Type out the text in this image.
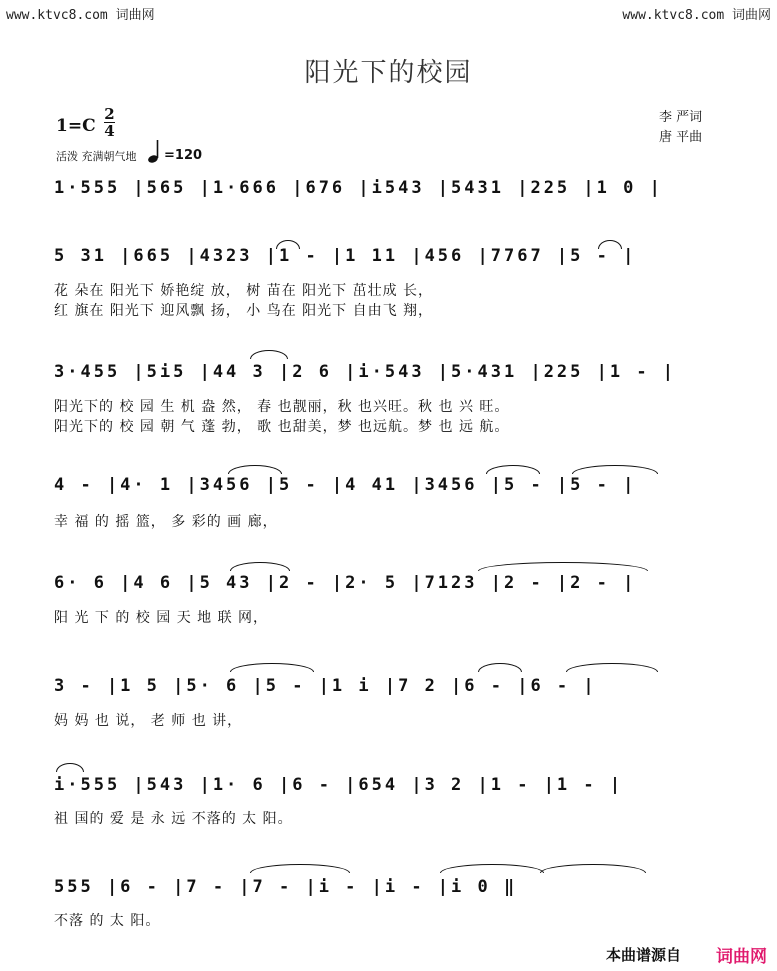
www.ktvc8.com 词曲网	www.ktvc8.com 词曲网
阳光下的校园
1=C
2
4
活泼 充满朝气地 =120
李 严词
唐 平曲
1·555 |565 |1·666 |676 |i543 |5431 |225 |1 0 |
5 31 |665 |4323 |1 - |1 11 |456 |7767 |5 - |
花 朵在 阳光下 娇艳绽 放， 树 苗在 阳光下 茁壮成 长，
红 旗在 阳光下 迎风飘 扬， 小 鸟在 阳光下 自由飞 翔，
3·455 |5i5 |44 3 |2 6 |i·543 |5·431 |225 |1 - |
阳光下的 校 园 生 机 盎 然， 春 也靓丽，秋 也兴旺。秋 也 兴 旺。
阳光下的 校 园 朝 气 蓬 勃， 歌 也甜美，梦 也远航。梦 也 远 航。
4 - |4· 1 |3456 |5 - |4 41 |3456 |5 - |5 - |
幸 福 的 摇 篮， 多 彩的 画 廊，
6· 6 |4 6 |5 43 |2 - |2· 5 |7123 |2 - |2 - |
阳 光 下 的 校 园 天 地 联 网，
3 - |1 5 |5· 6 |5 - |1 i |7 2 |6 - |6 - |
妈 妈 也 说， 老 师 也 讲，
i·555 |543 |1· 6 |6 - |654 |3 2 |1 - |1 - |
祖 国的 爱 是 永 远 不落的 太 阳。
555 |6 - |7 - |7 - |i - |i - |i 0 ‖
不落 的 太 阳。
本曲谱源自 词曲网
